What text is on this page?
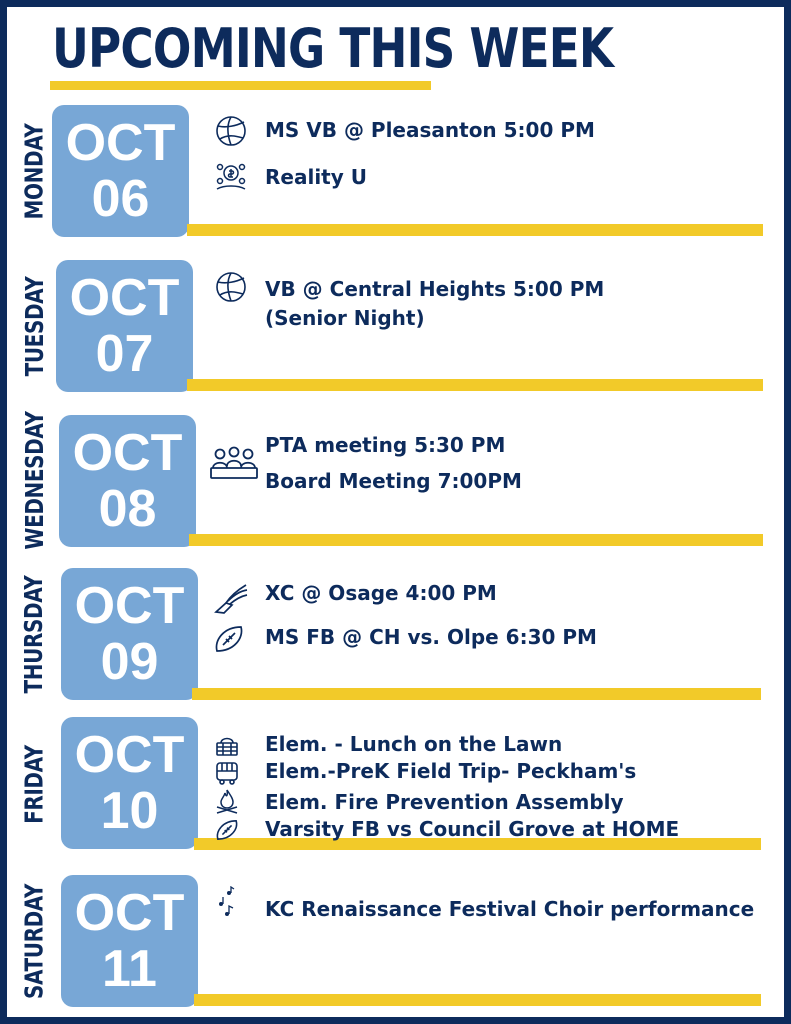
UPCOMING THIS WEEK
MONDAY OCT
06
MS VB @ Pleasanton 5:00 PM
Reality U
TUESDAY OCT
07
VB @ Central Heights 5:00 PM
(Senior Night)
WEDNESDAY OCT
08
PTA meeting 5:30 PM
Board Meeting 7:00PM
THURSDAY OCT
09
XC @ Osage 4:00 PM
MS FB @ CH vs. Olpe 6:30 PM
FRIDAY OCT
10
Elem. - Lunch on the Lawn
Elem.-PreK Field Trip- Peckham's
Elem. Fire Prevention Assembly
Varsity FB vs Council Grove at HOME
SATURDAY OCT
11
KC Renaissance Festival Choir performance
